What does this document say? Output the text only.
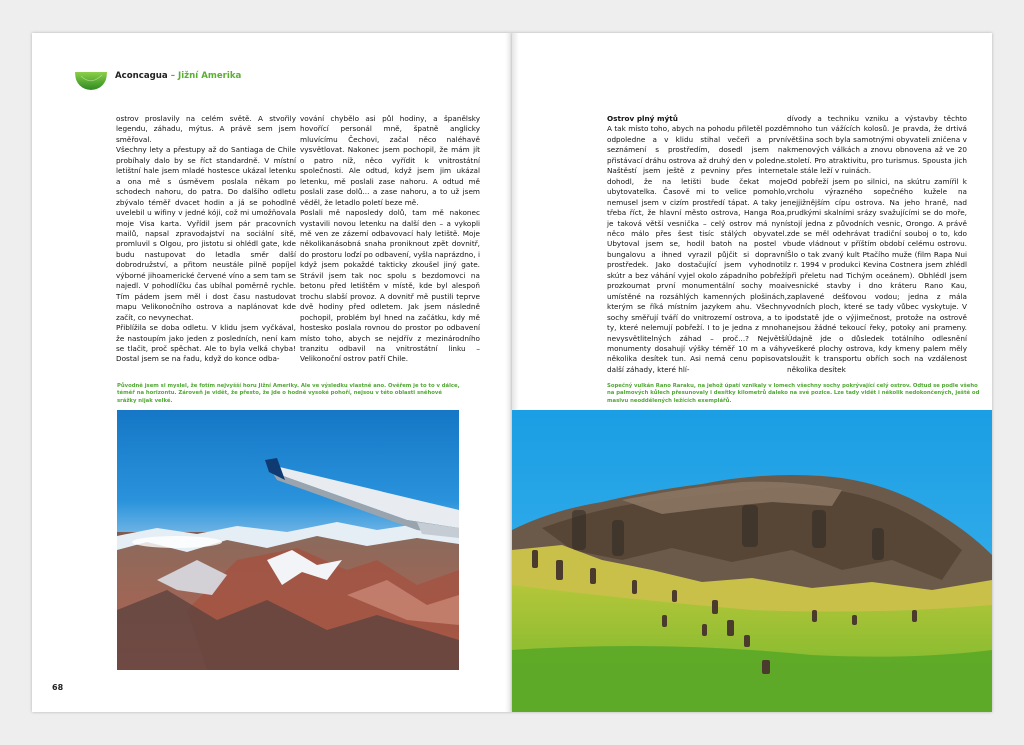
Aconcagua – Jižní Amerika

ostrov proslavily na celém světě. A stvořily legendu, záhadu, mýtus. A právě sem jsem směřoval.

Všechny lety a přestupy až do Santiaga de Chile probíhaly dalo by se říct standardně. V místní letištní hale jsem mladé hostesce ukázal letenku a ona mě s úsměvem poslala někam po schodech nahoru, do patra. Do dalšího odletu zbývalo téměř dvacet hodin a já se pohodlně uvelebil u wifiny v jedné kóji, což mi umožňovala moje Visa karta. Vyřídil jsem pár pracovních mailů, napsal zpravodajství na sociální sítě, promluvil s Olgou, pro jistotu si ohlédl gate, kde budu nastupovat do letadla směr další dobrodružství, a přitom neustále pilně popíjel výborné jihoamerické červené víno a sem tam se najedl. V pohodlíčku čas ubíhal poměrně rychle. Tím pádem jsem měl i dost času nastudovat mapu Velikonočního ostrova a naplánovat kde začít, co nevynechat.

Přiblížila se doba odletu. V klidu jsem vyčkával, že nastoupím jako jeden z posledních, není kam se tlačit, proč spěchat. Ale to byla velká chyba! Dostal jsem se na řadu, když do konce odba-

vování chybělo asi půl hodiny, a španělsky hovořící personál mně, špatně anglicky mluvícímu Čechovi, začal něco naléhavě vysvětlovat. Nakonec jsem pochopil, že mám jít o patro níž, něco vyřídit k vnitrostátní společnosti. Ale odtud, když jsem jim ukázal letenku, mě poslali zase nahoru. A odtud mě poslali zase dolů... a zase nahoru, a to už jsem věděl, že letadlo poletí beze mě.

Poslali mě naposledy dolů, tam mě nakonec vystavili novou letenku na další den – a vykopli mě ven ze zázemí odbavovací haly letiště. Moje několikanásobná snaha proniknout zpět dovnitř, do prostoru loďzí po odbavení, vyšla naprázdno, i když jsem pokaždé takticky zkoušel jiný gate. Strávil jsem tak noc spolu s bezdomovci na betonu před letištěm v místě, kde byl alespoň trochu slabší provoz. A dovnitř mě pustili teprve dvě hodiny před odletem. Jak jsem následně pochopil, problém byl hned na začátku, kdy mě hostesko poslala rovnou do prostor po odbavení místo toho, abych se nejdřív z mezinárodního tranzitu odbavil na vnitrostátní linku – Velikonoční ostrov patří Chile.

Ostrov plný mýtů

A tak místo toho, abych na pohodu přiletěl pozdě odpoledne a v klidu stihal večeři a první seznámení s prostředím, dosedl jsem na přistávací dráhu ostrova až druhý den v poledne. Naštěstí jsem ještě z pevniny přes internet dohodl, že na letišti bude čekat moje ubytovatelka. Časově mi to velice pomohlo, nemusel jsem v cizím prostředí tápat. A taky je třeba říct, že hlavní město ostrova, Hanga Roa, je taková větší vesnička – celý ostrov má nyní něco málo přes šest tisíc stálých obyvatel. Ubytoval jsem se, hodil batoh na postel v bungalovu a ihned vyrazil půjčit si dopravní prostředek. Jako dostačující jsem vyhodnotil skútr a bez váhání vyjel okolo západního pobřeží prozkoumat první monumentální sochy moai umístěné na rozsáhlých kamenných plošinách, kterým se říká místním jazykem ahu. Všechny sochy směřují tváří do vnitrozemí ostrova, a to i ty, které nelemují pobřeží. I to je jedna z mnoha nevysvětlitelných záhad – proč...? Největší monumenty dosahují výšky téměř 10 m a váhy několika desítek tun. Asi nemá cenu popisovat další záhady, které hlí-

dívody a techniku vzniku a výstavby těchto mnoho tun vážících kolosů. Je pravda, že drtivá většina soch byla samotnými obyvateli zničena v kmenových válkách a znovu obnovena až ve 20 století. Pro atraktivitu, pro turismus. Spousta jich ale stále leží v ruinách.

Od pobřeží jsem po silnici, na skútru zamířil k vrcholu výrazného sopečného kužele na nejjižnějším cípu ostrova. Na jeho hraně, nad prudkými skalními srázy svažujícími se do moře, stojí jedna z původních vesnic, Orongo. A právě zde se měl odehrávat tradiční souboj o to, kdo bude vládnout v příštím období celému ostrovu. Šlo o tak zvaný kult Ptačího muže (film Rapa Nui z r. 1994 v produkci Kevina Costnera jsem zhlédl při přeletu nad Tichým oceánem). Obhlédl jsem vesnické stavby i dno kráteru Rano Kau, zaplavené dešťovou vodou; jedna z mála vodních ploch, které se tady vůbec vyskytuje. V podstatě jde o výjimečnost, protože na ostrově nejsou žádné tekoucí řeky, potoky ani prameny. Údajně jde o důsledek totálního odlesnění veškeré plochy ostrova, kdy kmeny palem měly sloužit k transportu obřích soch na vzdálenost několika desítek

Původně jsem si myslel, že fotím nejvyšší horu Jižní Ameriky. Ale ve výsledku vlastně ano. Ověřem je to to v dálce, téměř na horizontu. Zároveň je vidět, že přesto, že jde o hodně vysoké pohoří, nejsou v této oblasti sněhové srážky nijak velké.
Sopečný vulkán Rano Raraku, na jehož úpatí vznikaly v lomech všechny sochy pokrývající celý ostrov. Odtud se podle všeho na palmových kůlech přesunovaly i desítky kilometrů daleko na své pozice. Lze tady vidět i několik nedokončených, ještě od masivu neoddělených ležících exemplářů.
68
